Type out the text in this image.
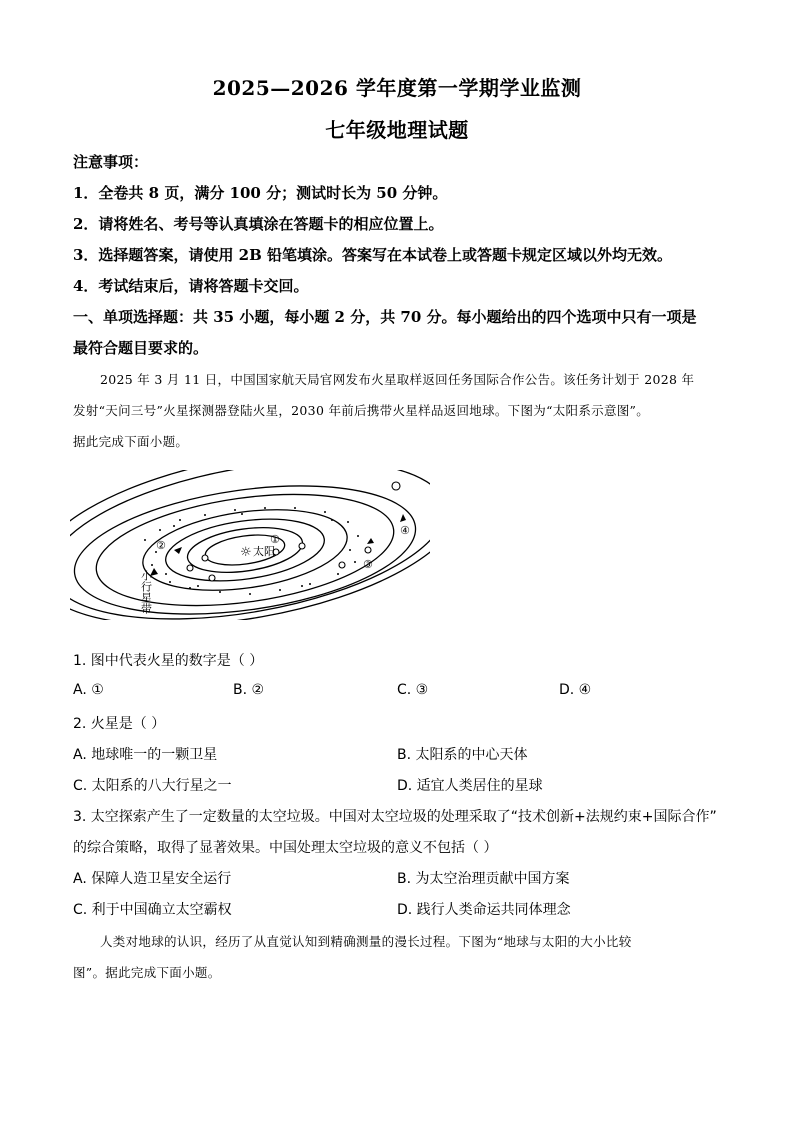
2025—2026 学年度第一学期学业监测
七年级地理试题
注意事项：
1．全卷共 8 页，满分 100 分；测试时长为 50 分钟。
2．请将姓名、考号等认真填涂在答题卡的相应位置上。
3．选择题答案，请使用 2B 铅笔填涂。答案写在本试卷上或答题卡规定区域以外均无效。
4．考试结束后，请将答题卡交回。
一、单项选择题：共 35 小题，每小题 2 分，共 70 分。每小题给出的四个选项中只有一项是
最符合题目要求的。
2025 年 3 月 11 日，中国国家航天局官网发布火星取样返回任务国际合作公告。该任务计划于 2028 年
发射“天问三号”火星探测器登陆火星，2030 年前后携带火星样品返回地球。下图为“太阳系示意图”。
据此完成下面小题。
☼ 太阳
①
②
③
④
小行星带
1. 图中代表火星的数字是（ ）
A. ①	B. ②	C. ③	D. ④
2. 火星是（ ）
A. 地球唯一的一颗卫星	B. 太阳系的中心天体
C. 太阳系的八大行星之一	D. 适宜人类居住的星球
3. 太空探索产生了一定数量的太空垃圾。中国对太空垃圾的处理采取了“技术创新+法规约束+国际合作”
的综合策略，取得了显著效果。中国处理太空垃圾的意义不包括（ ）
A. 保障人造卫星安全运行	B. 为太空治理贡献中国方案
C. 利于中国确立太空霸权	D. 践行人类命运共同体理念
人类对地球的认识，经历了从直觉认知到精确测量的漫长过程。下图为“地球与太阳的大小比较
图”。据此完成下面小题。
